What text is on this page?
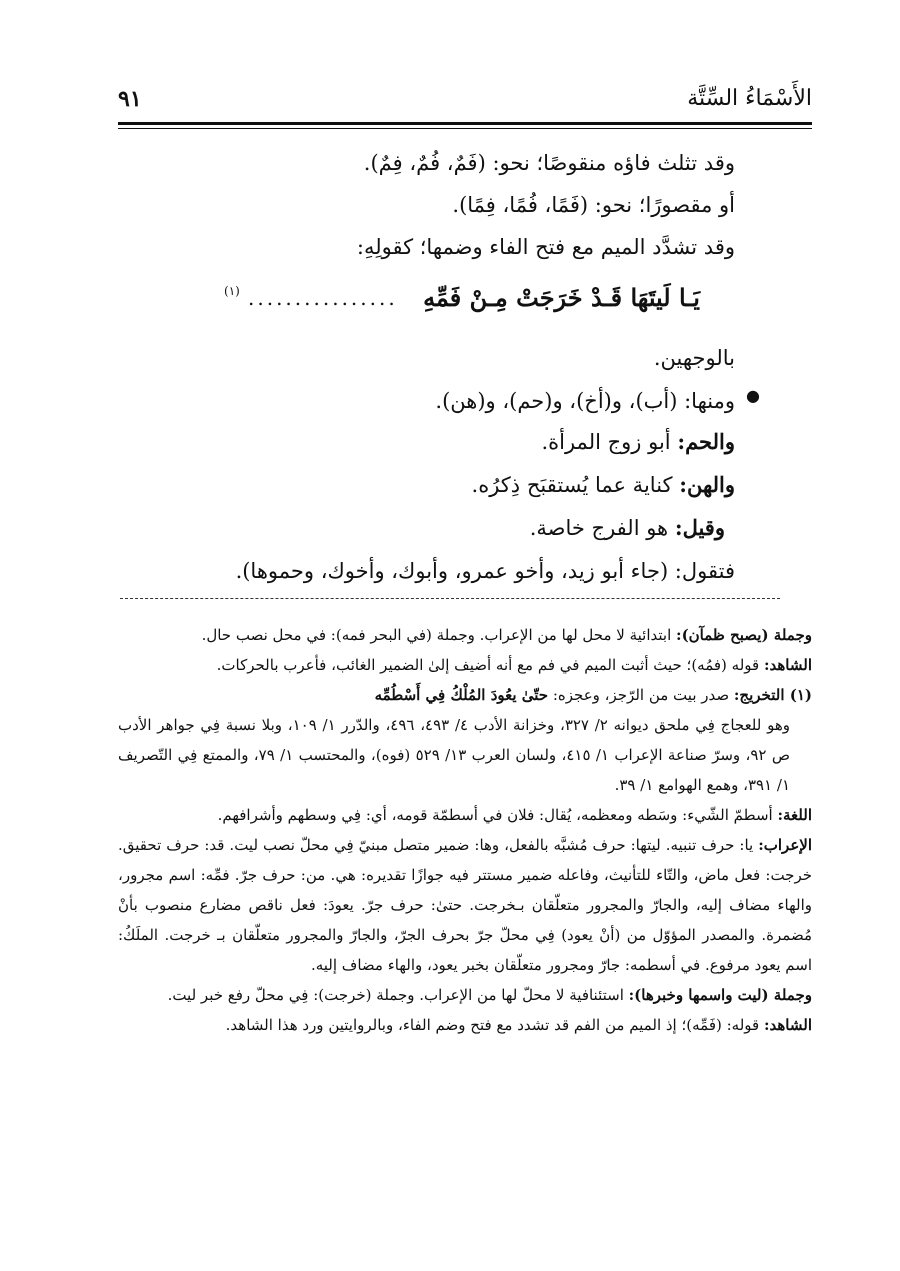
الأَسْمَاءُ السِّتَّة
٩١
وقد تثلث فاؤه منقوصًا؛ نحو: (فَمٌ، فُمٌ، فِمٌ).
أو مقصورًا؛ نحو: (فَمًا، فُمًا، فِمًا).
وقد تشدَّد الميم مع فتح الفاء وضمها؛ كقولِهِ:
يَـا لَيتَهَا قَـدْ خَرَجَتْ مِـنْ فَمِّهِ
................
(١)
بالوجهين.
●
ومنها: (أب)، و(أخ)، و(حم)، و(هن).
والحم: أبو زوج المرأة.
والهن: كناية عما يُستقبَح ذِكرُه.
وقيل: هو الفرج خاصة.
فتقول: (جاء أبو زيد، وأخو عمرو، وأبوك، وأخوك، وحموها).

وجملة (يصبح ظمآن): ابتدائية لا محل لها من الإعراب. وجملة (في البحر فمه): في محل نصب حال.

الشاهد: قوله (فمُه)؛ حيث أثبت الميم في فم مع أنه أضيف إلىٰ الضمير الغائب، فأعرب بالحركات.

(١) التخريج: صدر بيت من الرّجز، وعجزه: حتّىٰ يعُودَ المُلْكُ فِي أَسْطُمِّه

وهو للعجاج فِي ملحق ديوانه ٢/ ٣٢٧، وخزانة الأدب ٤/ ٤٩٣، ٤٩٦، والدّرر ١/ ١٠٩، وبلا نسبة فِي جواهر الأدب ص ٩٢، وسرّ صناعة الإعراب ١/ ٤١٥، ولسان العرب ١٣/ ٥٢٩ (فوه)، والمحتسب ١/ ٧٩، والممتع فِي التّصريف ١/ ٣٩١، وهمع الهوامع ١/ ٣٩.

اللغة: أسطمّ الشّيء: وسَطه ومعظمه، يُقال: فلان في أسطمّة قومه، أي: فِي وسطهم وأشرافهم.

الإعراب: يا: حرف تنبيه. ليتها: حرف مُشبَّه بالفعل، وها: ضمير متصل مبنيّ فِي محلّ نصب ليت. قد: حرف تحقيق. خرجت: فعل ماض، والتّاء للتأنيث، وفاعله ضمير مستتر فيه جوازًا تقديره: هي. من: حرف جرّ. فمِّه: اسم مجرور، والهاء مضاف إليه، والجارّ والمجرور متعلّقان بـخرجت. حتىٰ: حرف جرّ. يعودَ: فعل ناقص مضارع منصوب بأنْ مُضمرة. والمصدر المؤوّل من (أنْ يعود) فِي محلّ جرّ بحرف الجرّ، والجارّ والمجرور متعلّقان بـ خرجت. الملَكُ: اسم يعود مرفوع. في أسطمه: جارّ ومجرور متعلّقان بخبر يعود، والهاء مضاف إليه.

وجملة (ليت واسمها وخبرها): استئنافية لا محلّ لها من الإعراب. وجملة (خرجت): فِي محلّ رفع خبر ليت.

الشاهد: قوله: (فَمِّه)؛ إذ الميم من الفم قد تشدد مع فتح وضم الفاء، وبالروايتين ورد هذا الشاهد.
